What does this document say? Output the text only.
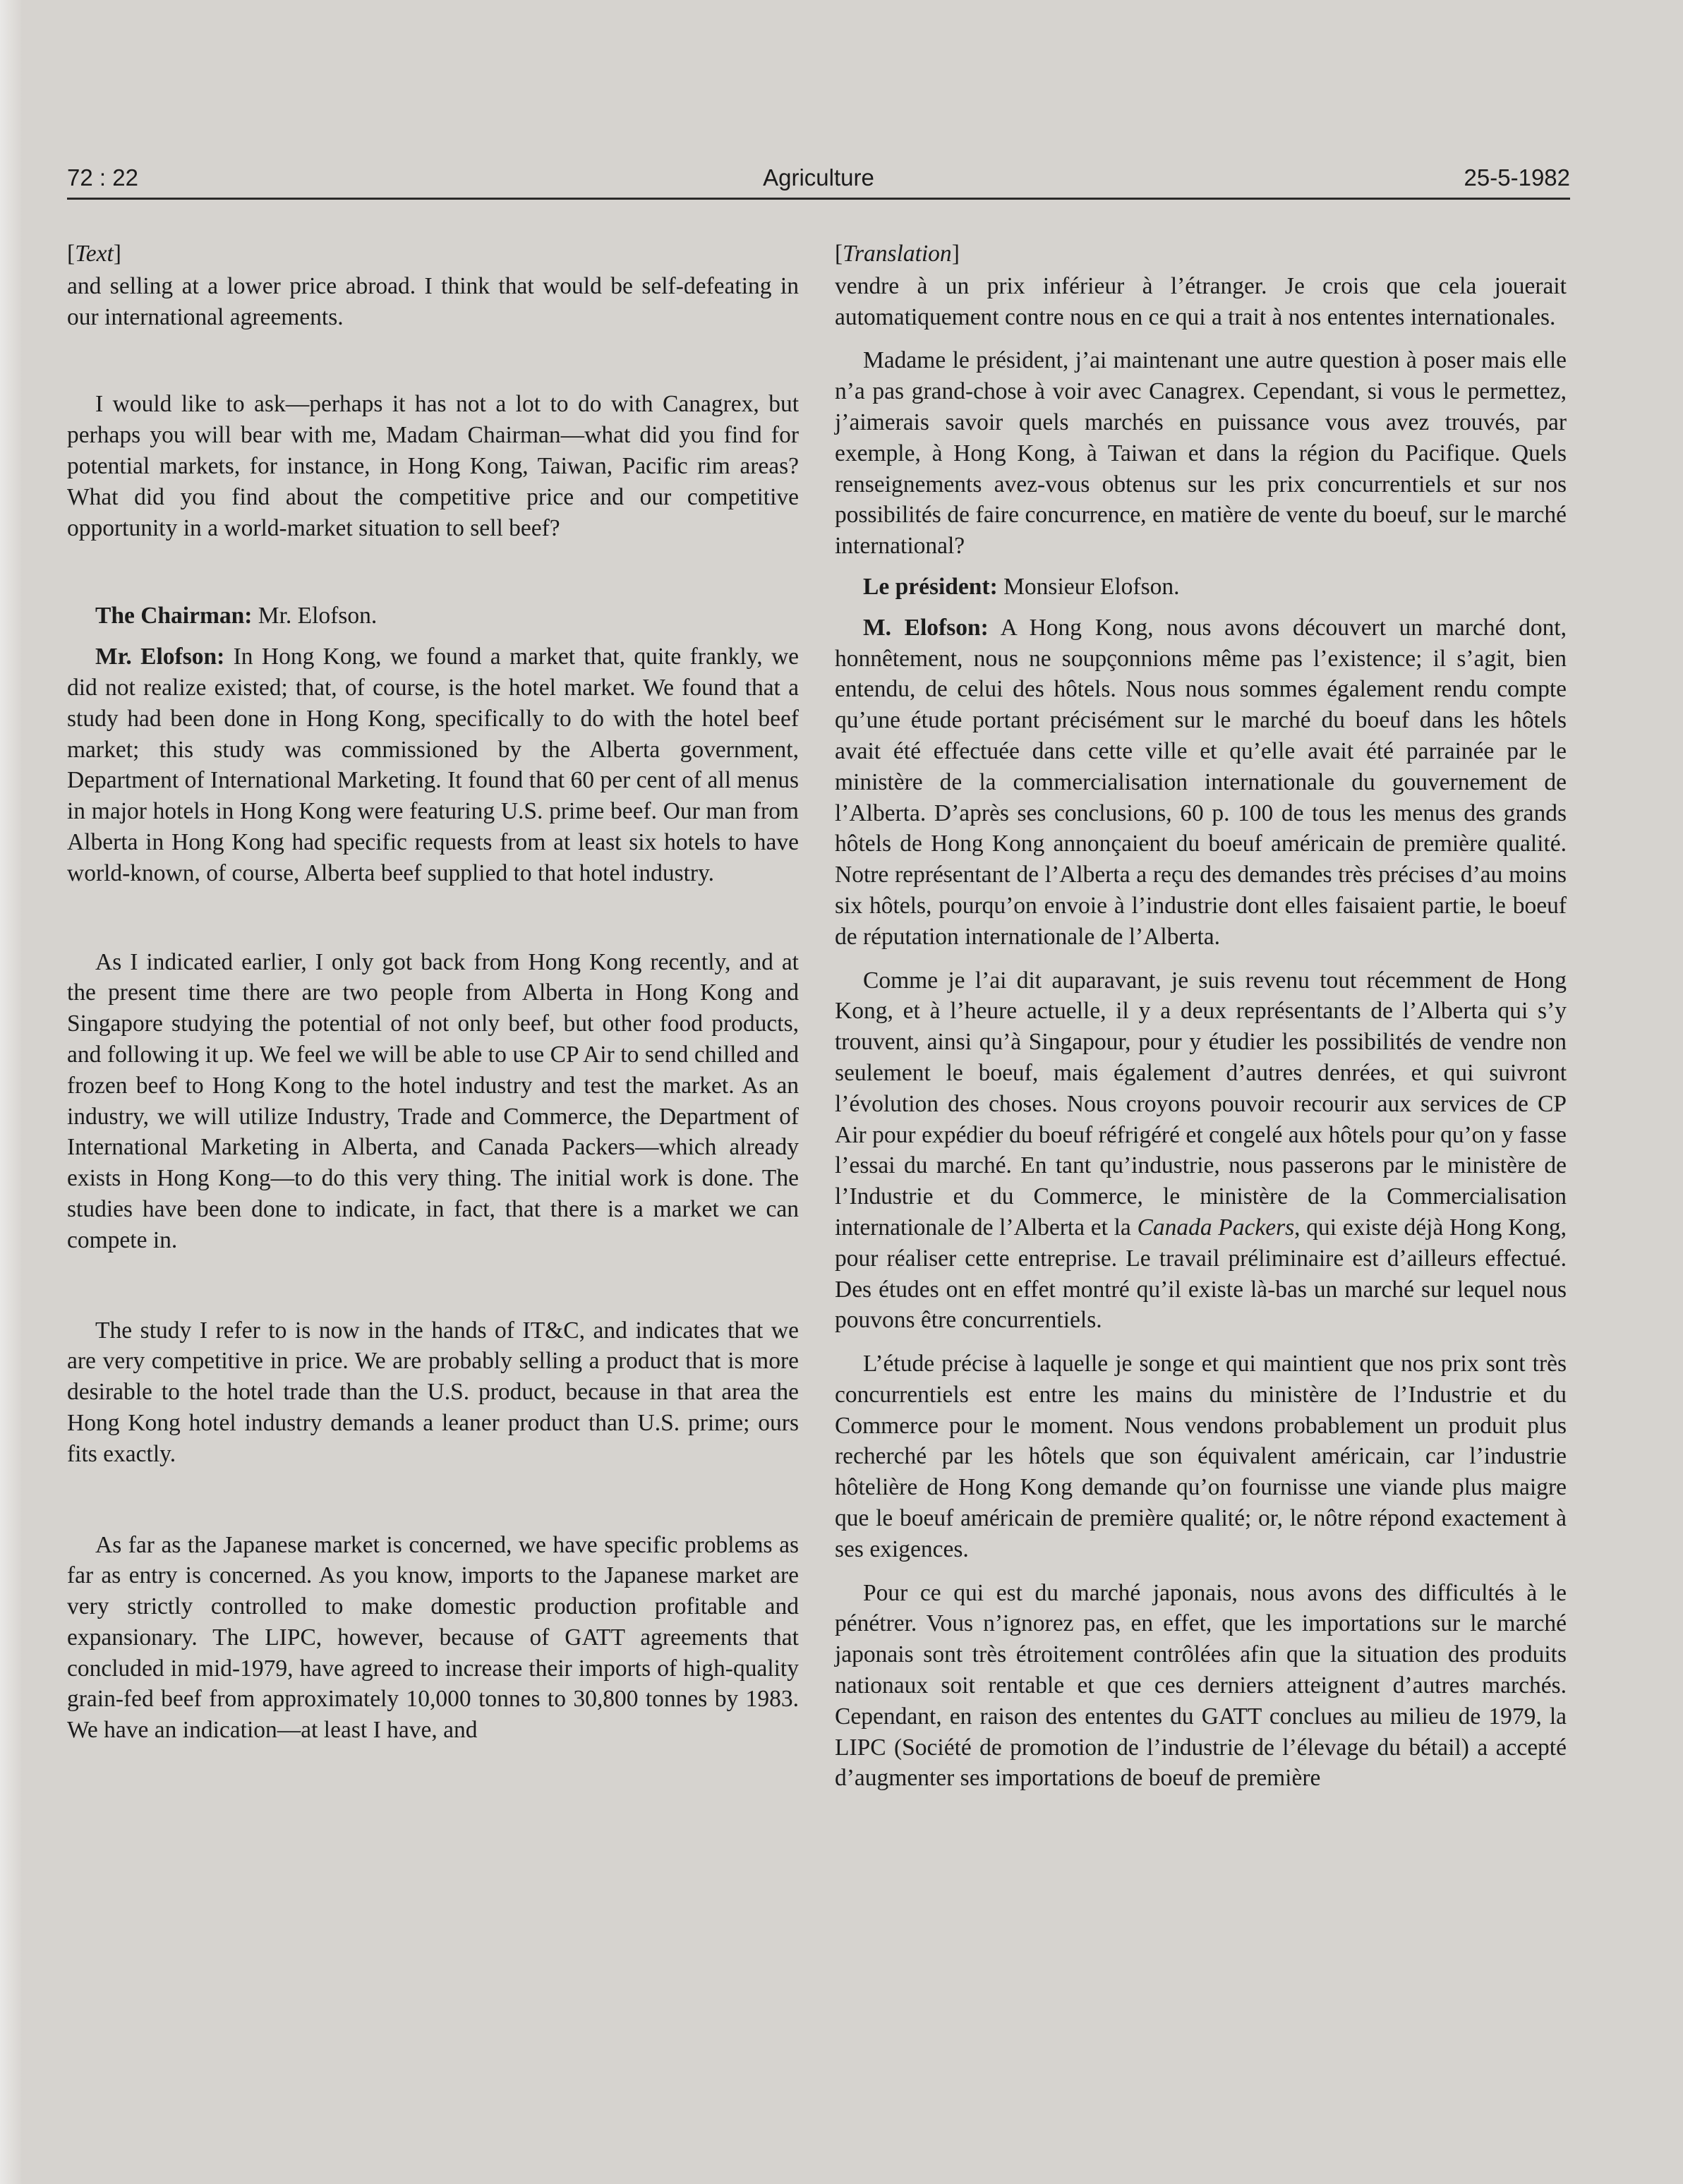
72 : 22	Agriculture	25-5-1982

[Text]

and selling at a lower price abroad. I think that would be self-defeating in our international agreements.

I would like to ask—perhaps it has not a lot to do with Canagrex, but perhaps you will bear with me, Madam Chairman—what did you find for potential markets, for instance, in Hong Kong, Taiwan, Pacific rim areas? What did you find about the competitive price and our competitive opportunity in a world-market situation to sell beef?

The Chairman: Mr. Elofson.

Mr. Elofson: In Hong Kong, we found a market that, quite frankly, we did not realize existed; that, of course, is the hotel market. We found that a study had been done in Hong Kong, specifically to do with the hotel beef market; this study was commissioned by the Alberta government, Department of International Marketing. It found that 60 per cent of all menus in major hotels in Hong Kong were featuring U.S. prime beef. Our man from Alberta in Hong Kong had specific requests from at least six hotels to have world-known, of course, Alberta beef supplied to that hotel industry.

As I indicated earlier, I only got back from Hong Kong recently, and at the present time there are two people from Alberta in Hong Kong and Singapore studying the potential of not only beef, but other food products, and following it up. We feel we will be able to use CP Air to send chilled and frozen beef to Hong Kong to the hotel industry and test the market. As an industry, we will utilize Industry, Trade and Commerce, the Department of International Marketing in Alberta, and Canada Packers—which already exists in Hong Kong—to do this very thing. The initial work is done. The studies have been done to indicate, in fact, that there is a market we can compete in.

The study I refer to is now in the hands of IT&C, and indicates that we are very competitive in price. We are probably selling a product that is more desirable to the hotel trade than the U.S. product, because in that area the Hong Kong hotel industry demands a leaner product than U.S. prime; ours fits exactly.

As far as the Japanese market is concerned, we have specific problems as far as entry is concerned. As you know, imports to the Japanese market are very strictly controlled to make domestic production profitable and expansionary. The LIPC, however, because of GATT agreements that concluded in mid-1979, have agreed to increase their imports of high-quality grain-fed beef from approximately 10,000 tonnes to 30,800 tonnes by 1983. We have an indication—at least I have, and

[Translation]

vendre à un prix inférieur à l’étranger. Je crois que cela jouerait automatiquement contre nous en ce qui a trait à nos ententes internationales.

Madame le président, j’ai maintenant une autre question à poser mais elle n’a pas grand-chose à voir avec Canagrex. Cependant, si vous le permettez, j’aimerais savoir quels marchés en puissance vous avez trouvés, par exemple, à Hong Kong, à Taiwan et dans la région du Pacifique. Quels renseignements avez-vous obtenus sur les prix concurrentiels et sur nos possibilités de faire concurrence, en matière de vente du boeuf, sur le marché international?

Le président: Monsieur Elofson.

M. Elofson: A Hong Kong, nous avons découvert un marché dont, honnêtement, nous ne soupçonnions même pas l’existence; il s’agit, bien entendu, de celui des hôtels. Nous nous sommes également rendu compte qu’une étude portant précisément sur le marché du boeuf dans les hôtels avait été effectuée dans cette ville et qu’elle avait été parrainée par le ministère de la commercialisation internationale du gouvernement de l’Alberta. D’après ses conclusions, 60 p. 100 de tous les menus des grands hôtels de Hong Kong annonçaient du boeuf américain de première qualité. Notre représentant de l’Alberta a reçu des demandes très précises d’au moins six hôtels, pourqu’on envoie à l’industrie dont elles faisaient partie, le boeuf de réputation internationale de l’Alberta.

Comme je l’ai dit auparavant, je suis revenu tout récemment de Hong Kong, et à l’heure actuelle, il y a deux représentants de l’Alberta qui s’y trouvent, ainsi qu’à Singapour, pour y étudier les possibilités de vendre non seulement le boeuf, mais également d’autres denrées, et qui suivront l’évolution des choses. Nous croyons pouvoir recourir aux services de CP Air pour expédier du boeuf réfrigéré et congelé aux hôtels pour qu’on y fasse l’essai du marché. En tant qu’industrie, nous passerons par le ministère de l’Industrie et du Commerce, le ministère de la Commercialisation internationale de l’Alberta et la Canada Packers, qui existe déjà Hong Kong, pour réaliser cette entreprise. Le travail préliminaire est d’ailleurs effectué. Des études ont en effet montré qu’il existe là-bas un marché sur lequel nous pouvons être concurrentiels.

L’étude précise à laquelle je songe et qui maintient que nos prix sont très concurrentiels est entre les mains du ministère de l’Industrie et du Commerce pour le moment. Nous vendons probablement un produit plus recherché par les hôtels que son équivalent américain, car l’industrie hôtelière de Hong Kong demande qu’on fournisse une viande plus maigre que le boeuf américain de première qualité; or, le nôtre répond exactement à ses exigences.

Pour ce qui est du marché japonais, nous avons des difficultés à le pénétrer. Vous n’ignorez pas, en effet, que les importations sur le marché japonais sont très étroitement contrôlées afin que la situation des produits nationaux soit rentable et que ces derniers atteignent d’autres marchés. Cependant, en raison des ententes du GATT conclues au milieu de 1979, la LIPC (Société de promotion de l’industrie de l’élevage du bétail) a accepté d’augmenter ses importations de boeuf de première
